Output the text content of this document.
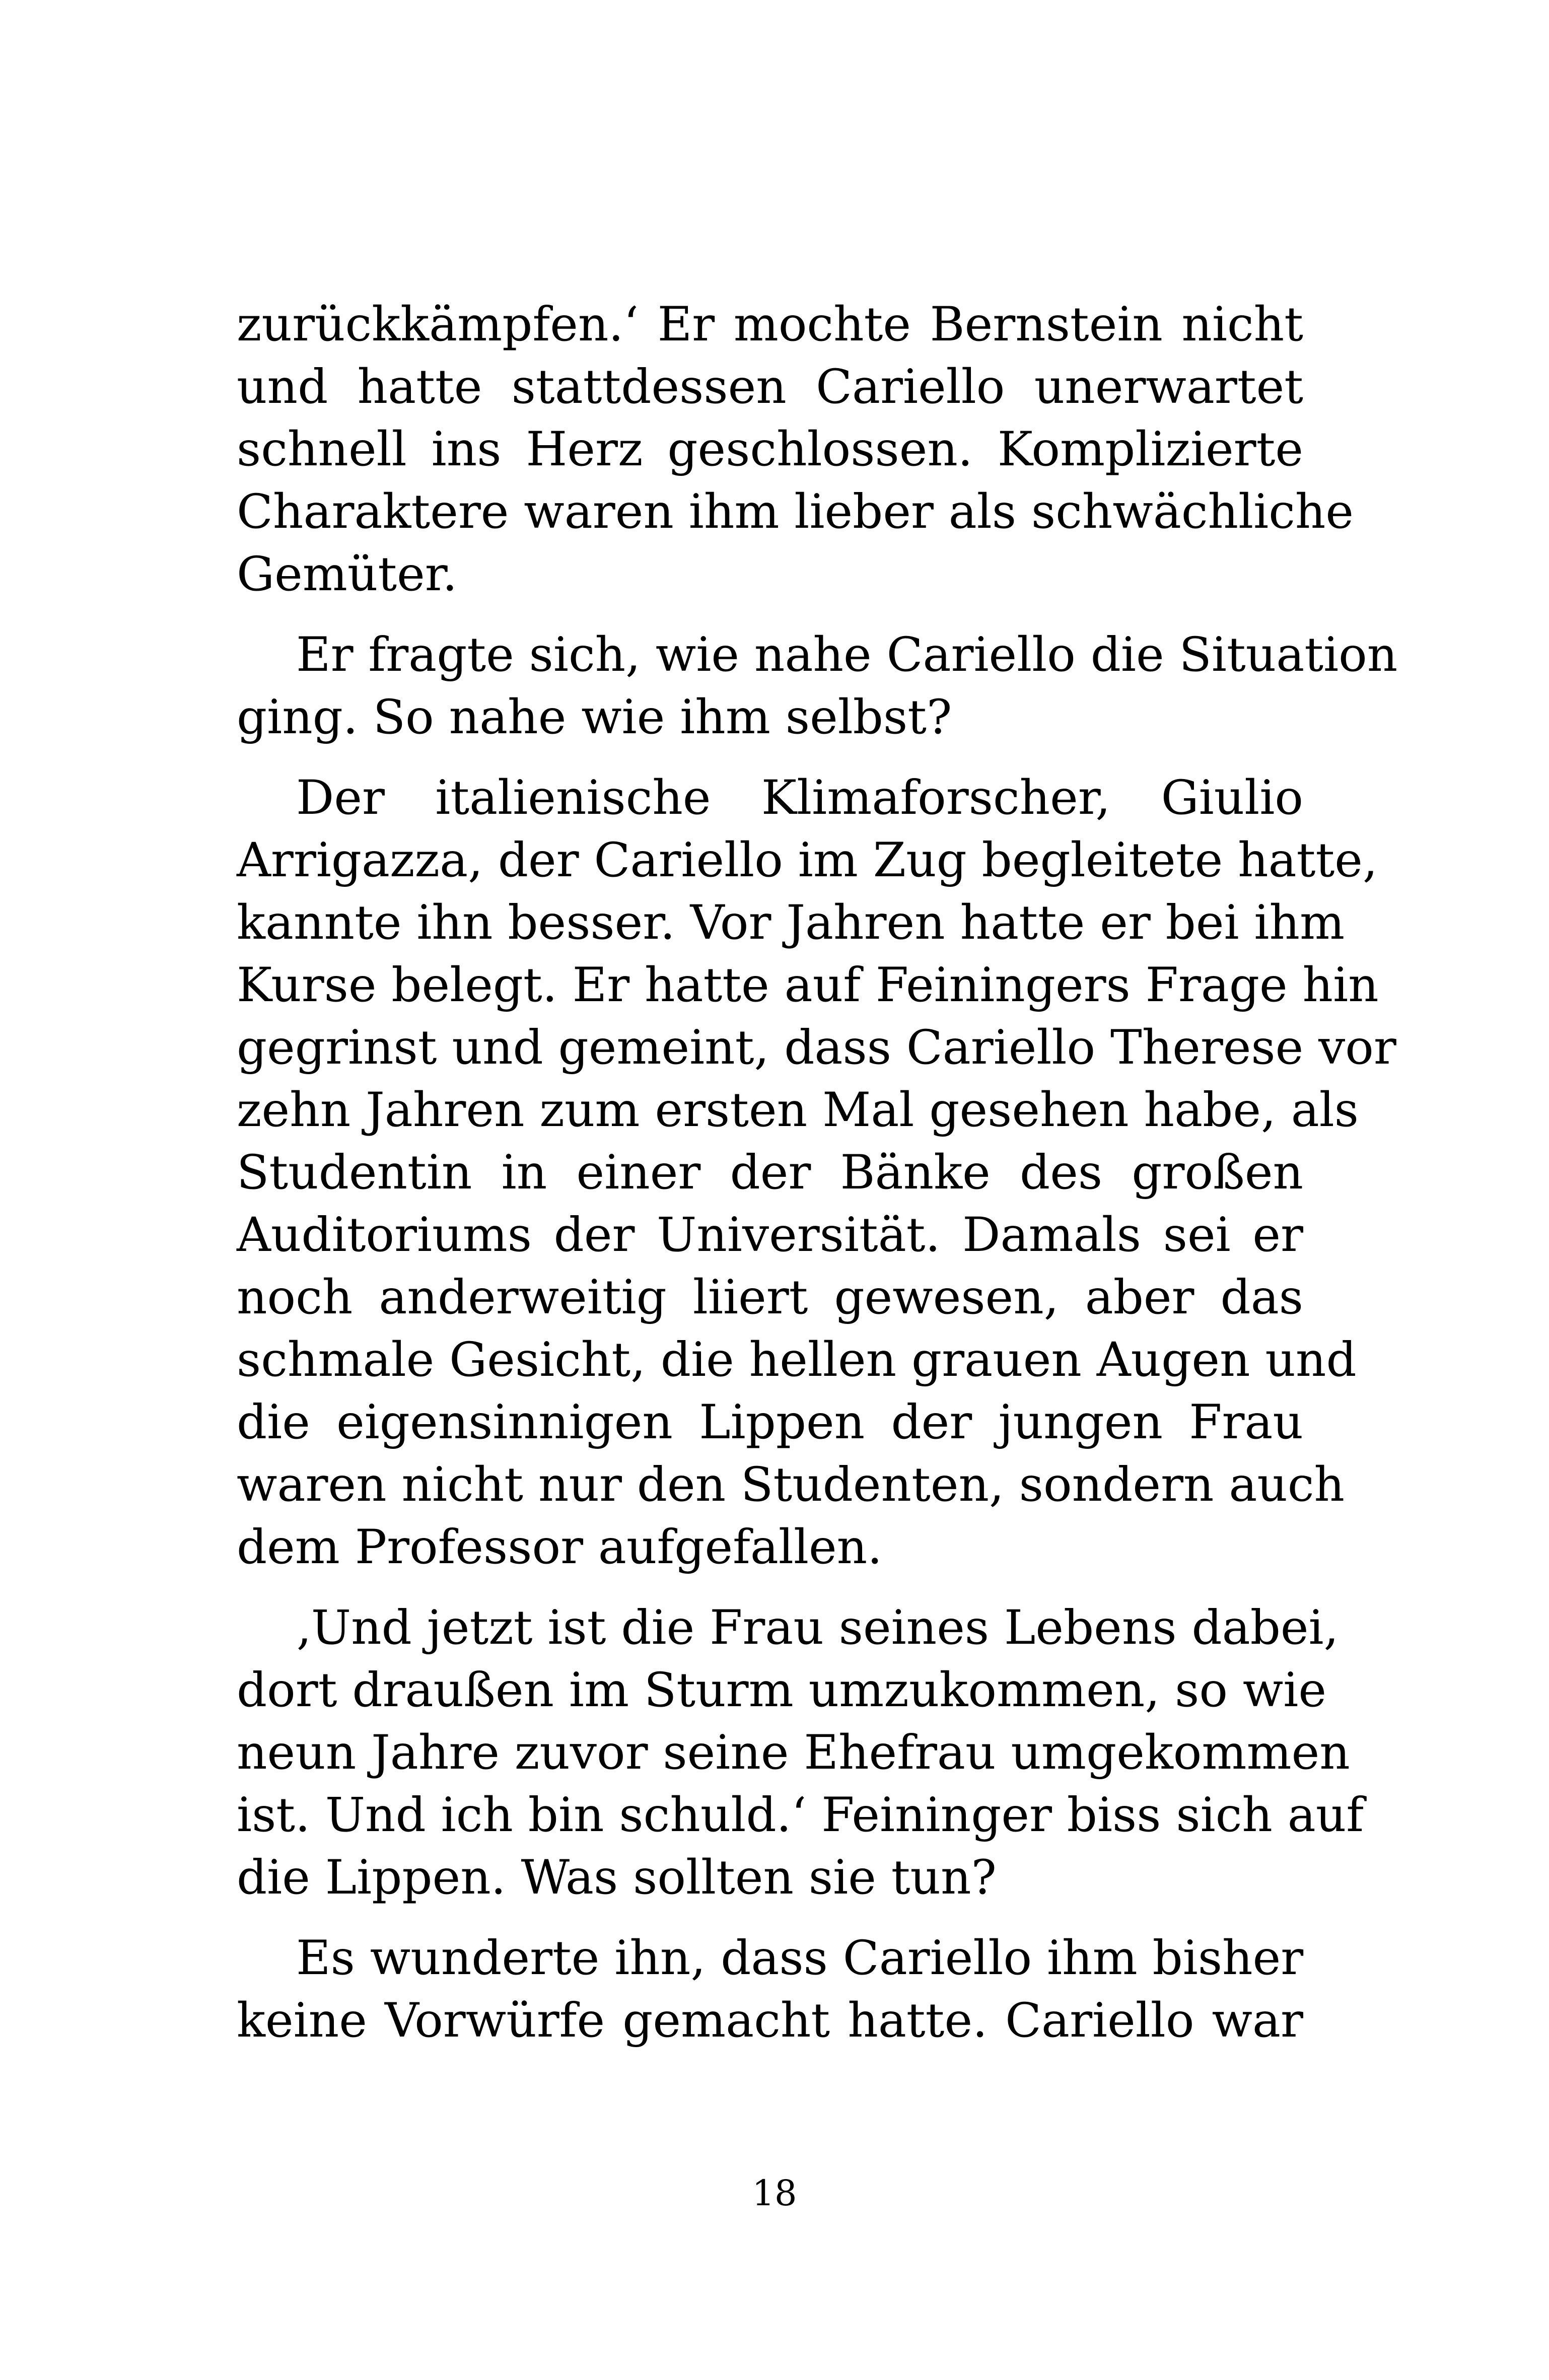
zurückkämpfen.‘ Er mochte Bernstein nicht
und hatte stattdessen Cariello unerwartet
schnell ins Herz geschlossen. Komplizierte
Charaktere waren ihm lieber als schwächliche
Gemüter.
Er fragte sich, wie nahe Cariello die Situation
ging. So nahe wie ihm selbst?
Der italienische Klimaforscher, Giulio
Arrigazza, der Cariello im Zug begleitete hatte,
kannte ihn besser. Vor Jahren hatte er bei ihm
Kurse belegt. Er hatte auf Feiningers Frage hin
gegrinst und gemeint, dass Cariello Therese vor
zehn Jahren zum ersten Mal gesehen habe, als
Studentin in einer der Bänke des großen
Auditoriums der Universität. Damals sei er
noch anderweitig liiert gewesen, aber das
schmale Gesicht, die hellen grauen Augen und
die eigensinnigen Lippen der jungen Frau
waren nicht nur den Studenten, sondern auch
dem Professor aufgefallen.
‚Und jetzt ist die Frau seines Lebens dabei,
dort draußen im Sturm umzukommen, so wie
neun Jahre zuvor seine Ehefrau umgekommen
ist. Und ich bin schuld.‘ Feininger biss sich auf
die Lippen. Was sollten sie tun?
Es wunderte ihn, dass Cariello ihm bisher
keine Vorwürfe gemacht hatte. Cariello war
18
